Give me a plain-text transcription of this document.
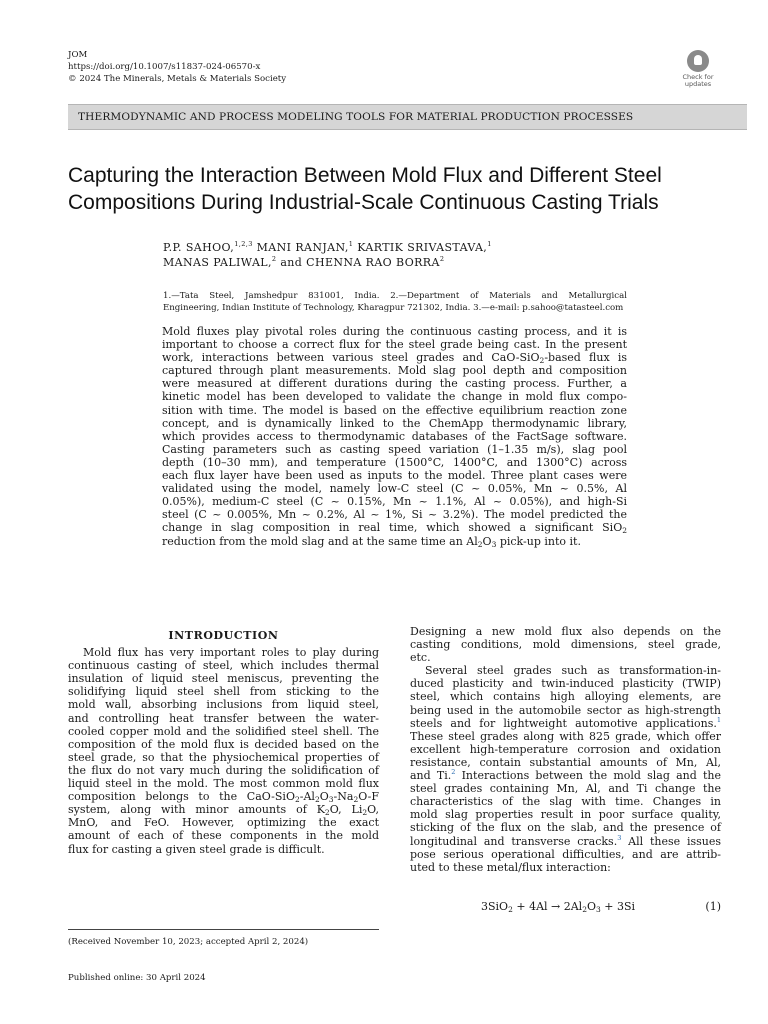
JOM
https://doi.org/10.1007/s11837-024-06570-x
© 2024 The Minerals, Metals & Materials Society	Check for
updates
THERMODYNAMIC AND PROCESS MODELING TOOLS FOR MATERIAL PRODUCTION PROCESSES
Capturing the Interaction Between Mold Flux and Different Steel
Compositions During Industrial-Scale Continuous Casting Trials
P.P. SAHOO,$^{1,2,3}$ MANI RANJAN,$^1$ KARTIK SRIVASTAVA,$^1$
MANAS PALIWAL,$^2$ and CHENNA RAO BORRA$^2$
1.—Tata Steel, Jamshedpur 831001, India. 2.—Department of Materials and Metallurgical
Engineering, Indian Institute of Technology, Kharagpur 721302, India. 3.—e-mail: p.sahoo@tatasteel.com
Mold fluxes play pivotal roles during the continuous casting process, and it is
important to choose a correct flux for the steel grade being cast. In the present
work, interactions between various steel grades and CaO-SiO$_2$-based flux is
captured through plant measurements. Mold slag pool depth and composition
were measured at different durations during the casting process. Further, a
kinetic model has been developed to validate the change in mold flux compo-
sition with time. The model is based on the effective equilibrium reaction zone
concept, and is dynamically linked to the ChemApp thermodynamic library,
which provides access to thermodynamic databases of the FactSage software.
Casting parameters such as casting speed variation (1–1.35 m/s), slag pool
depth (10–30 mm), and temperature (1500°C, 1400°C, and 1300°C) across
each flux layer have been used as inputs to the model. Three plant cases were
validated using the model, namely low-C steel (C ~ 0.05%, Mn ~ 0.5%, Al
0.05%), medium-C steel (C ~ 0.15%, Mn ~ 1.1%, Al ~ 0.05%), and high-Si
steel (C ~ 0.005%, Mn ~ 0.2%, Al ~ 1%, Si ~ 3.2%). The model predicted the
change in slag composition in real time, which showed a significant SiO$_2$
reduction from the mold slag and at the same time an $Al_2O_3$ pick-up into it.
INTRODUCTION
Mold flux has very important roles to play during
continuous casting of steel, which includes thermal
insulation of liquid steel meniscus, preventing the
solidifying liquid steel shell from sticking to the
mold wall, absorbing inclusions from liquid steel,
and controlling heat transfer between the water-
cooled copper mold and the solidified steel shell. The
composition of the mold flux is decided based on the
steel grade, so that the physiochemical properties of
the flux do not vary much during the solidification of
liquid steel in the mold. The most common mold flux
composition belongs to the CaO-$SiO_2-Al_2O_3-Na_2O-F$
system, along with minor amounts of $K_2O$, $Li_2O$,
MnO, and FeO. However, optimizing the exact
amount of each of these components in the mold
flux for casting a given steel grade is difficult.
Designing a new mold flux also depends on the
casting conditions, mold dimensions, steel grade,
etc.
Several steel grades such as transformation-in-
duced plasticity and twin-induced plasticity (TWIP)
steel, which contains high alloying elements, are
being used in the automobile sector as high-strength
steels and for lightweight automotive applications.$^1$
These steel grades along with 825 grade, which offer
excellent high-temperature corrosion and oxidation
resistance, contain substantial amounts of Mn, Al,
and Ti.$^2$ Interactions between the mold slag and the
steel grades containing Mn, Al, and Ti change the
characteristics of the slag with time. Changes in
mold slag properties result in poor surface quality,
sticking of the flux on the slab, and the presence of
longitudinal and transverse cracks.$^3$ All these issues
pose serious operational difficulties, and are attrib-
uted to these metal/flux interaction:
$3SiO_2 + 4Al \to 2Al_2O_3 + 3Si$	(1)
(Received November 10, 2023; accepted April 2, 2024)
Published online: 30 April 2024
